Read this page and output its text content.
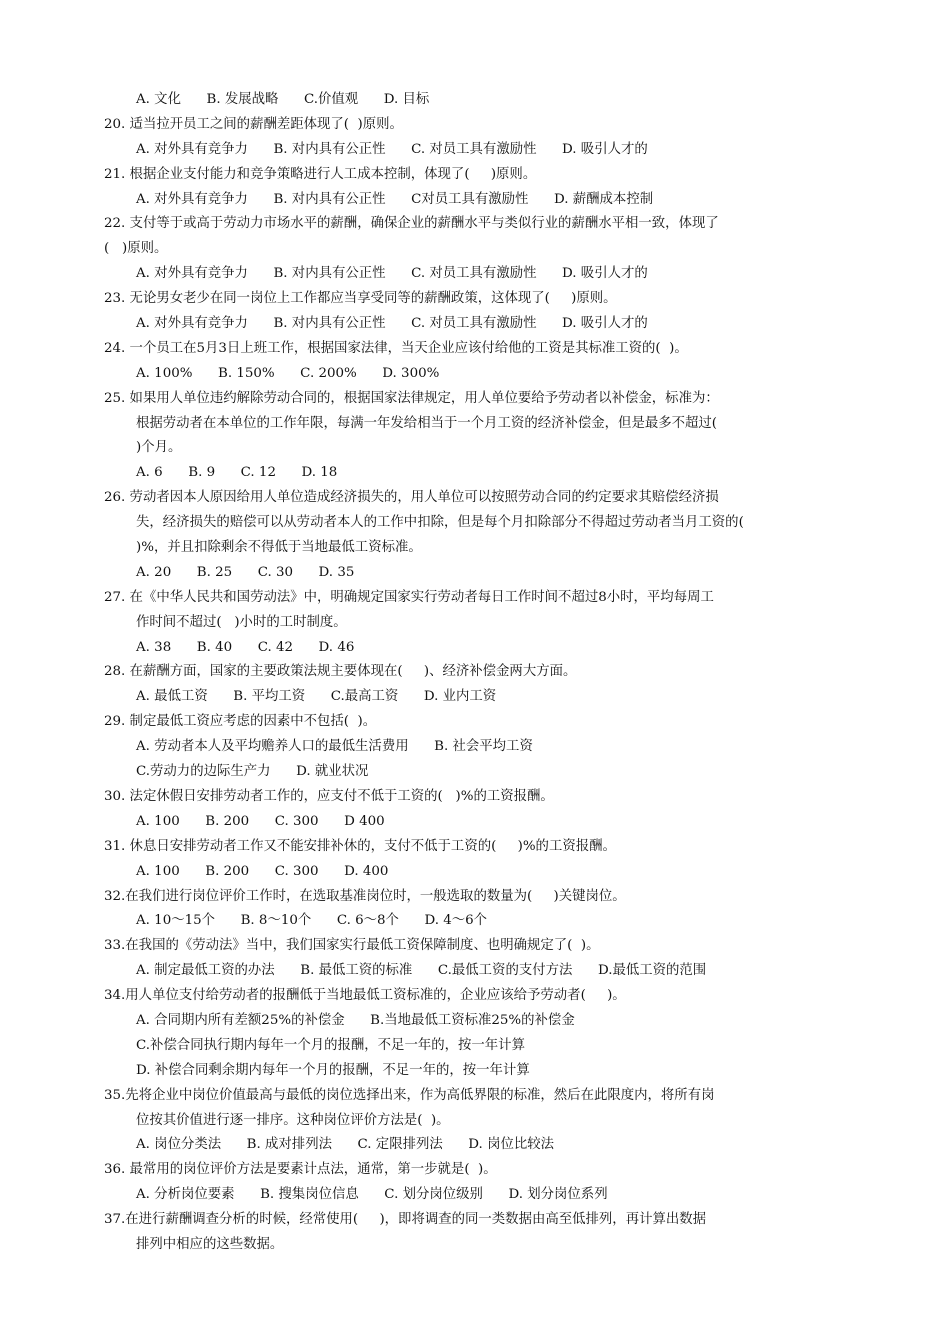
A. 文化      B. 发展战略      C.价值观      D. 目标
20. 适当拉开员工之间的薪酬差距体现了(  )原则。
A. 对外具有竞争力      B. 对内具有公正性      C. 对员工具有激励性      D. 吸引人才的
21. 根据企业支付能力和竞争策略进行人工成本控制，体现了(     )原则。
A. 对外具有竞争力      B. 对内具有公正性      C对员工具有激励性      D. 薪酬成本控制
22. 支付等于或高于劳动力市场水平的薪酬，确保企业的薪酬水平与类似行业的薪酬水平相一致，体现了
(   )原则。
A. 对外具有竞争力      B. 对内具有公正性      C. 对员工具有激励性      D. 吸引人才的
23. 无论男女老少在同一岗位上工作都应当享受同等的薪酬政策，这体现了(     )原则。
A. 对外具有竞争力      B. 对内具有公正性      C. 对员工具有激励性      D. 吸引人才的
24. 一个员工在5月3日上班工作，根据国家法律，当天企业应该付给他的工资是其标准工资的(  )。
A. 100%      B. 150%      C. 200%      D. 300%
25. 如果用人单位违约解除劳动合同的，根据国家法律规定，用人单位要给予劳动者以补偿金，标准为：
根据劳动者在本单位的工作年限，每满一年发给相当于一个月工资的经济补偿金，但是最多不超过(
)个月。
A. 6      B. 9      C. 12      D. 18
26. 劳动者因本人原因给用人单位造成经济损失的，用人单位可以按照劳动合同的约定要求其赔偿经济损
失，经济损失的赔偿可以从劳动者本人的工作中扣除，但是每个月扣除部分不得超过劳动者当月工资的(
)%，并且扣除剩余不得低于当地最低工资标准。
A. 20      B. 25      C. 30      D. 35
27. 在《中华人民共和国劳动法》中，明确规定国家实行劳动者每日工作时间不超过8小时，平均每周工
作时间不超过(   )小时的工时制度。
A. 38      B. 40      C. 42      D. 46
28. 在薪酬方面，国家的主要政策法规主要体现在(     )、经济补偿金两大方面。
A. 最低工资      B. 平均工资      C.最高工资      D. 业内工资
29. 制定最低工资应考虑的因素中不包括(  )。
A. 劳动者本人及平均赡养人口的最低生活费用      B. 社会平均工资
C.劳动力的边际生产力      D. 就业状况
30. 法定休假日安排劳动者工作的，应支付不低于工资的(   )%的工资报酬。
A. 100      B. 200      C. 300      D 400
31. 休息日安排劳动者工作又不能安排补休的，支付不低于工资的(     )%的工资报酬。
A. 100      B. 200      C. 300      D. 400
32.在我们进行岗位评价工作时，在选取基准岗位时，一般选取的数量为(     )关键岗位。
A. 10～15个      B. 8～10个      C. 6～8个      D. 4～6个
33.在我国的《劳动法》当中，我们国家实行最低工资保障制度、也明确规定了(  )。
A. 制定最低工资的办法      B. 最低工资的标准      C.最低工资的支付方法      D.最低工资的范围
34.用人单位支付给劳动者的报酬低于当地最低工资标准的，企业应该给予劳动者(     )。
A. 合同期内所有差额25%的补偿金      B.当地最低工资标准25%的补偿金
C.补偿合同执行期内每年一个月的报酬，不足一年的，按一年计算
D. 补偿合同剩余期内每年一个月的报酬，不足一年的，按一年计算
35.先将企业中岗位价值最高与最低的岗位选择出来，作为高低界限的标准，然后在此限度内，将所有岗
位按其价值进行逐一排序。这种岗位评价方法是(  )。
A. 岗位分类法      B. 成对排列法      C. 定限排列法      D. 岗位比较法
36. 最常用的岗位评价方法是要素计点法，通常，第一步就是(  )。
A. 分析岗位要素      B. 搜集岗位信息      C. 划分岗位级别      D. 划分岗位系列
37.在进行薪酬调查分析的时候，经常使用(     )，即将调查的同一类数据由高至低排列，再计算出数据
排列中相应的这些数据。
